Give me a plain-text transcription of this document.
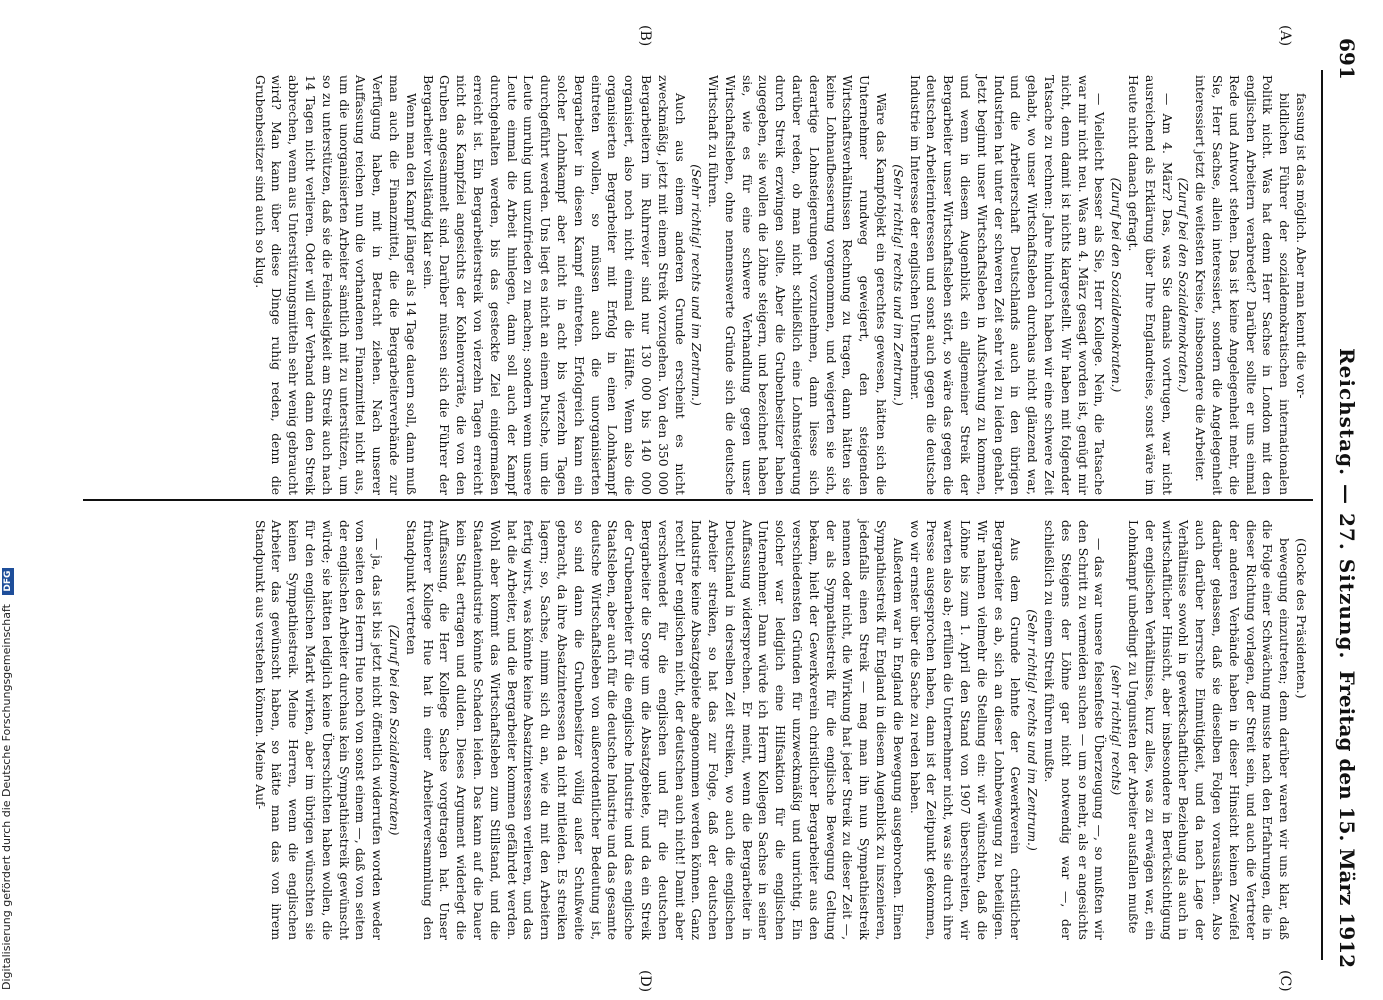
691
Reichstag. — 27. Sitzung.
Freitag den 15. März 1912
(C)
(D)
(A)
(B)

(Glocke des Präsidenten.)

bewegung einzutreten; denn darüber waren wir uns klar, daß die Folge einer Schwächung musste nach den Erfahrungen, die in dieser Richtung vorlagen, der Streit sein, und auch die Vertreter der anderen Verbände haben in dieser Hinsicht keinen Zweifel darüber gelassen, daß sie dieselben Folgen voraussähen. Also auch darüber herrschte Einmütigkeit, und da nach Lage der Verhältnisse sowohl in gewerkschaftlicher Beziehung als auch in wirtschaftlicher Hinsicht, aber insbesondere in Berücksichtigung der englischen Verhältnisse, kurz alles, was zu erwägen war, ein Lohnkampf unbedingt zu Ungunsten der Arbeiter ausfallen mußte

(sehr richtig! rechts)

— das war unsere felsenfeste Überzeugung —, so mußten wir den Schritt zu vermeiden suchen — um so mehr, als er angesichts des Steigens der Löhne gar nicht notwendig war —, der schließlich zu einem Streik führen mußte.

(Sehr richtig! rechts und im Zentrum.)

Aus dem Grunde lehnte der Gewerkverein christlicher Bergarbeiter es ab, sich an dieser Lohnbewegung zu beteiligen. Wir nahmen vielmehr die Stellung ein: wir wünschten, daß die Löhne bis zum 1. April den Stand von 1907 überschreiten, wir warten also ab; erfüllen die Unternehmer nicht, was sie durch ihre Presse ausgesprochen haben, dann ist der Zeitpunkt gekommen, wo wir ernster über die Sache zu reden haben.

Außerdem war in England die Bewegung ausgebrochen. Einen Sympathiestreik für England in diesem Augenblick zu inszenieren, jedenfalls einen Streik — mag man ihn nun Sympathiestreik nennen oder nicht, die Wirkung hat jeder Streik zu dieser Zeit —, der als Sympathiestreik für die englische Bewegung Geltung bekam, hielt der Gewerkverein christlicher Bergarbeiter aus den verschiedensten Gründen für unzweckmäßig und unrichtig. Ein solcher war lediglich eine Hilfsaktion für die englischen Unternehmer. Dann würde ich Herrn Kollegen Sachse in seiner Auffassung widersprechen. Er meint, wenn die Bergarbeiter in Deutschland in derselben Zeit streiken, wo auch die englischen Arbeiter streiken, so hat das zur Folge, daß der deutschen Industrie keine Absatzgebiete abgenommen werden können. Ganz recht! Der englischen nicht, der deutschen auch nicht! Damit aber verschwendet für die englischen und für die deutschen Bergarbeiter die Sorge um die Absatzgebiete, und da ein Streik der Grubenarbeiter für die englische Industrie und das englische Staatsleben, aber auch für die deutsche Industrie und das gesamte deutsche Wirtschaftsleben von außerordentlicher Bedeutung ist, so sind dann die Grubenbesitzer völlig außer Schußweite gebracht, da ihre Absatzinteressen da nicht mitleiden. Es streiken lagern; so, Sachse, nimm sich du an, wie du mit den Arbeitern fertig wirst, was könnte keine Absatzinteressen verlieren, und das hat die Arbeiter, und die Bergarbeiter kommen gefährdet werden. Wohl aber kommt das Wirtschaftsleben zum Stillstand, und die Staatenindustrie könnte Schaden leiden. Das kann auf die Dauer kein Staat ertragen und dulden. Dieses Argument widerlegt die Auffassung, die Herr Kollege Sachse vorgetragen hat. Unser früherer Kollege Hue hat in einer Arbeiterversammlung den Standpunkt vertreten

(Zuruf bei den Sozialdemokraten)

— ja, das ist bis jetzt nicht öffentlich widerrufen worden weder von seiten des Herrn Hue noch von sonst einem —, daß von seiten der englischen Arbeiter durchaus kein Sympathiestreik gewünscht würde; sie hätten lediglich keine Überschichten haben wollen, die für den englischen Markt wirken, aber im übrigen wünschten sie keinen Sympathiestreik. Meine Herren, wenn die englischen Arbeiter das gewünscht haben, so hätte man das von ihrem Standpunkt aus verstehen können. Meine Auf-

fassung ist das möglich. Aber man kennt die vor-

bildlichen Führer der sozialdemokratischen internationalen Politik nicht. Was hat denn Herr Sachse in London mit den englischen Arbeitern verabredet? Darüber sollte er uns einmal Rede und Antwort stehen. Das ist keine Angelegenheit mehr, die Sie, Herr Sachse, allein interessiert, sondern die Angelegenheit interessiert jetzt die weitesten Kreise, insbesondere die Arbeiter.

(Zuruf bei den Sozialdemokraten.)

— Am 4. März? Das, was Sie damals vortrugen, war nicht ausreichend als Erklärung über Ihre Englandreise, sonst wäre im Heute nicht danach gefragt.

(Zuruf bei den Sozialdemokraten.)

— Vielleicht besser als Sie, Herr Kollege. Nein, die Tatsache war mir nicht neu. Was am 4. März gesagt worden ist, genügt mir nicht, denn damit ist nichts klargestellt. Wir haben mit folgender Tatsache zu rechnen: Jahre hindurch haben wir eine schwere Zeit gehabt, wo unser Wirtschaftsleben durchaus nicht glänzend war, und die Arbeiterschaft Deutschlands auch in den übrigen Industrien hat unter der schweren Zeit sehr viel zu leiden gehabt. Jetzt beginnt unser Wirtschaftsleben in Aufschwung zu kommen, und wenn in diesem Augenblick ein allgemeiner Streik der Bergarbeiter unser Wirtschaftsleben stört, so wäre das gegen die deutschen Arbeiterinteressen und sonst auch gegen die deutsche Industrie im Interesse der englischen Unternehmer.

(Sehr richtig! rechts und im Zentrum.)

Wäre das Kampfobjekt ein gerechtes gewesen, hätten sich die Unternehmer rundweg geweigert, den steigenden Wirtschaftsverhältnissen Rechnung zu tragen, dann hätten sie keine Lohnaufbesserung vorgenommen, und weigerten sie sich, derartige Lohnsteigerungen vorzunehmen, dann liesse sich darüber reden, ob man nicht schließlich eine Lohnsteigerung durch Streik erzwingen sollte. Aber die Grubenbesitzer haben zugegeben, sie wollen die Löhne steigern, und bezeichnet haben sie, wie es für eine schwere Verhandlung gegen unser Wirtschaftsleben, ohne nennenswerte Gründe sich die deutsche Wirtschaft zu führen.

(Sehr richtig! rechts und im Zentrum.)

Auch aus einem anderen Grunde erscheint es nicht zweckmäßig, jetzt mit einem Streik vorzugehen. Von den 350 000 Bergarbeitern im Ruhrrevier sind nur 130 000 bis 140 000 organisiert, also noch nicht einmal die Hälfte. Wenn also die organisierten Bergarbeiter mit Erfolg in einen Lohnkampf eintreten wollen, so müssen auch die unorganisierten Bergarbeiter in diesen Kampf eintreten. Erfolgreich kann ein solcher Lohnkampf aber nicht in acht bis vierzehn Tagen durchgeführt werden. Uns liegt es nicht an einem Putsche, um die Leute unruhig und unzufrieden zu machen; sondern wenn unsere Leute einmal die Arbeit hinlegen, dann soll auch der Kampf durchgehalten werden, bis das gesteckte Ziel einigermaßen erreicht ist. Ein Bergarbeiterstreik von vierzehn Tagen erreicht nicht das Kampfziel angesichts der Kohlenvorräte, die von den Gruben angesammelt sind. Darüber müssen sich die Führer der Bergarbeiter vollständig klar sein.

Wenn man den Kampf länger als 14 Tage dauern soll, dann muß man auch die Finanzmittel, die die Bergarbeiterverbände zur Verfügung haben, mit in Betracht ziehen. Nach unserer Auffassung reichen nun die vorhandenen Finanzmittel nicht aus, um die unorganisierten Arbeiter sämtlich mit zu unterstützen, um so zu unterstützen, daß sie die Feindseligkeit am Streik auch nach 14 Tagen nicht verlieren. Oder will der Verband dann den Streik abbrechen, wenn aus Unterstützungsmitteln sehr wenig gebraucht wird? Man kann über diese Dinge ruhig reden, denn die Grubenbesitzer sind auch so klug.

Digitalisierung gefördert durch die Deutsche Forschungsgemeinschaft DFG
